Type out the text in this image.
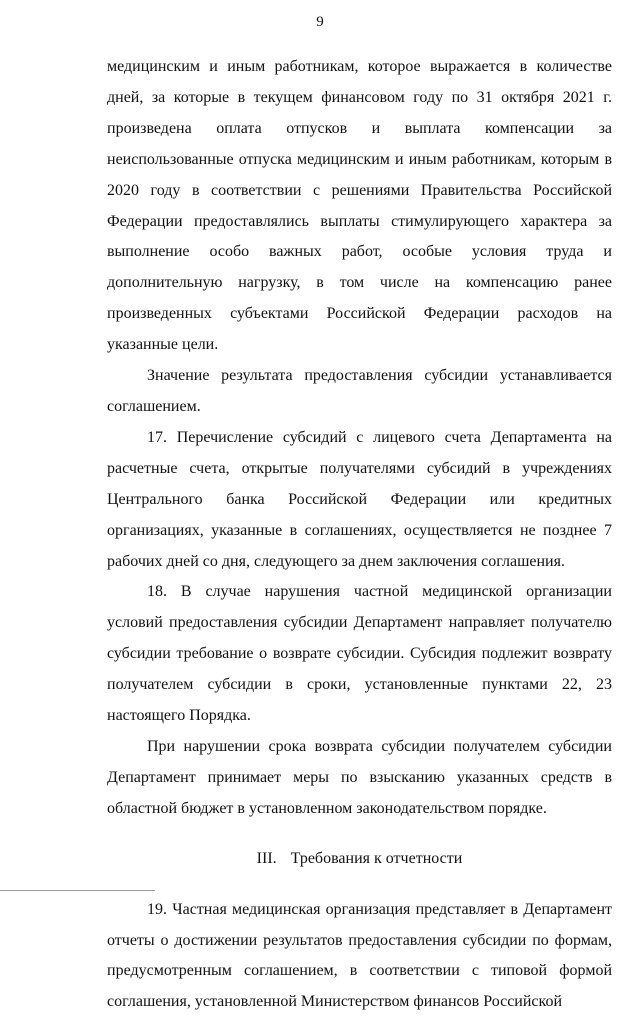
9

медицинским и иным работникам, которое выражается в количестве дней, за которые в текущем финансовом году по 31 октября 2021 г. произведена оплата отпусков и выплата компенсации за неиспользованные отпуска медицинским и иным работникам, которым в 2020 году в соответствии с решениями Правительства Российской Федерации предоставлялись выплаты стимулирующего характера за выполнение особо важных работ, особые условия труда и дополнительную нагрузку, в том числе на компенсацию ранее произведенных субъектами Российской Федерации расходов на указанные цели.

Значение результата предоставления субсидии устанавливается соглашением.

17. Перечисление субсидий с лицевого счета Департамента на расчетные счета, открытые получателями субсидий в учреждениях Центрального банка Российской Федерации или кредитных организациях, указанные в соглашениях, осуществляется не позднее 7 рабочих дней со дня, следующего за днем заключения соглашения.

18. В случае нарушения частной медицинской организации условий предоставления субсидии Департамент направляет получателю субсидии требование о возврате субсидии. Субсидия подлежит возврату получателем субсидии в сроки, установленные пунктами 22, 23 настоящего Порядка.

При нарушении срока возврата субсидии получателем субсидии Департамент принимает меры по взысканию указанных средств в областной бюджет в установленном законодательством порядке.

III. Требования к отчетности

19. Частная медицинская организация представляет в Департамент отчеты о достижении результатов предоставления субсидии по формам, предусмотренным соглашением, в соответствии с типовой формой соглашения, установленной Министерством финансов Российской
